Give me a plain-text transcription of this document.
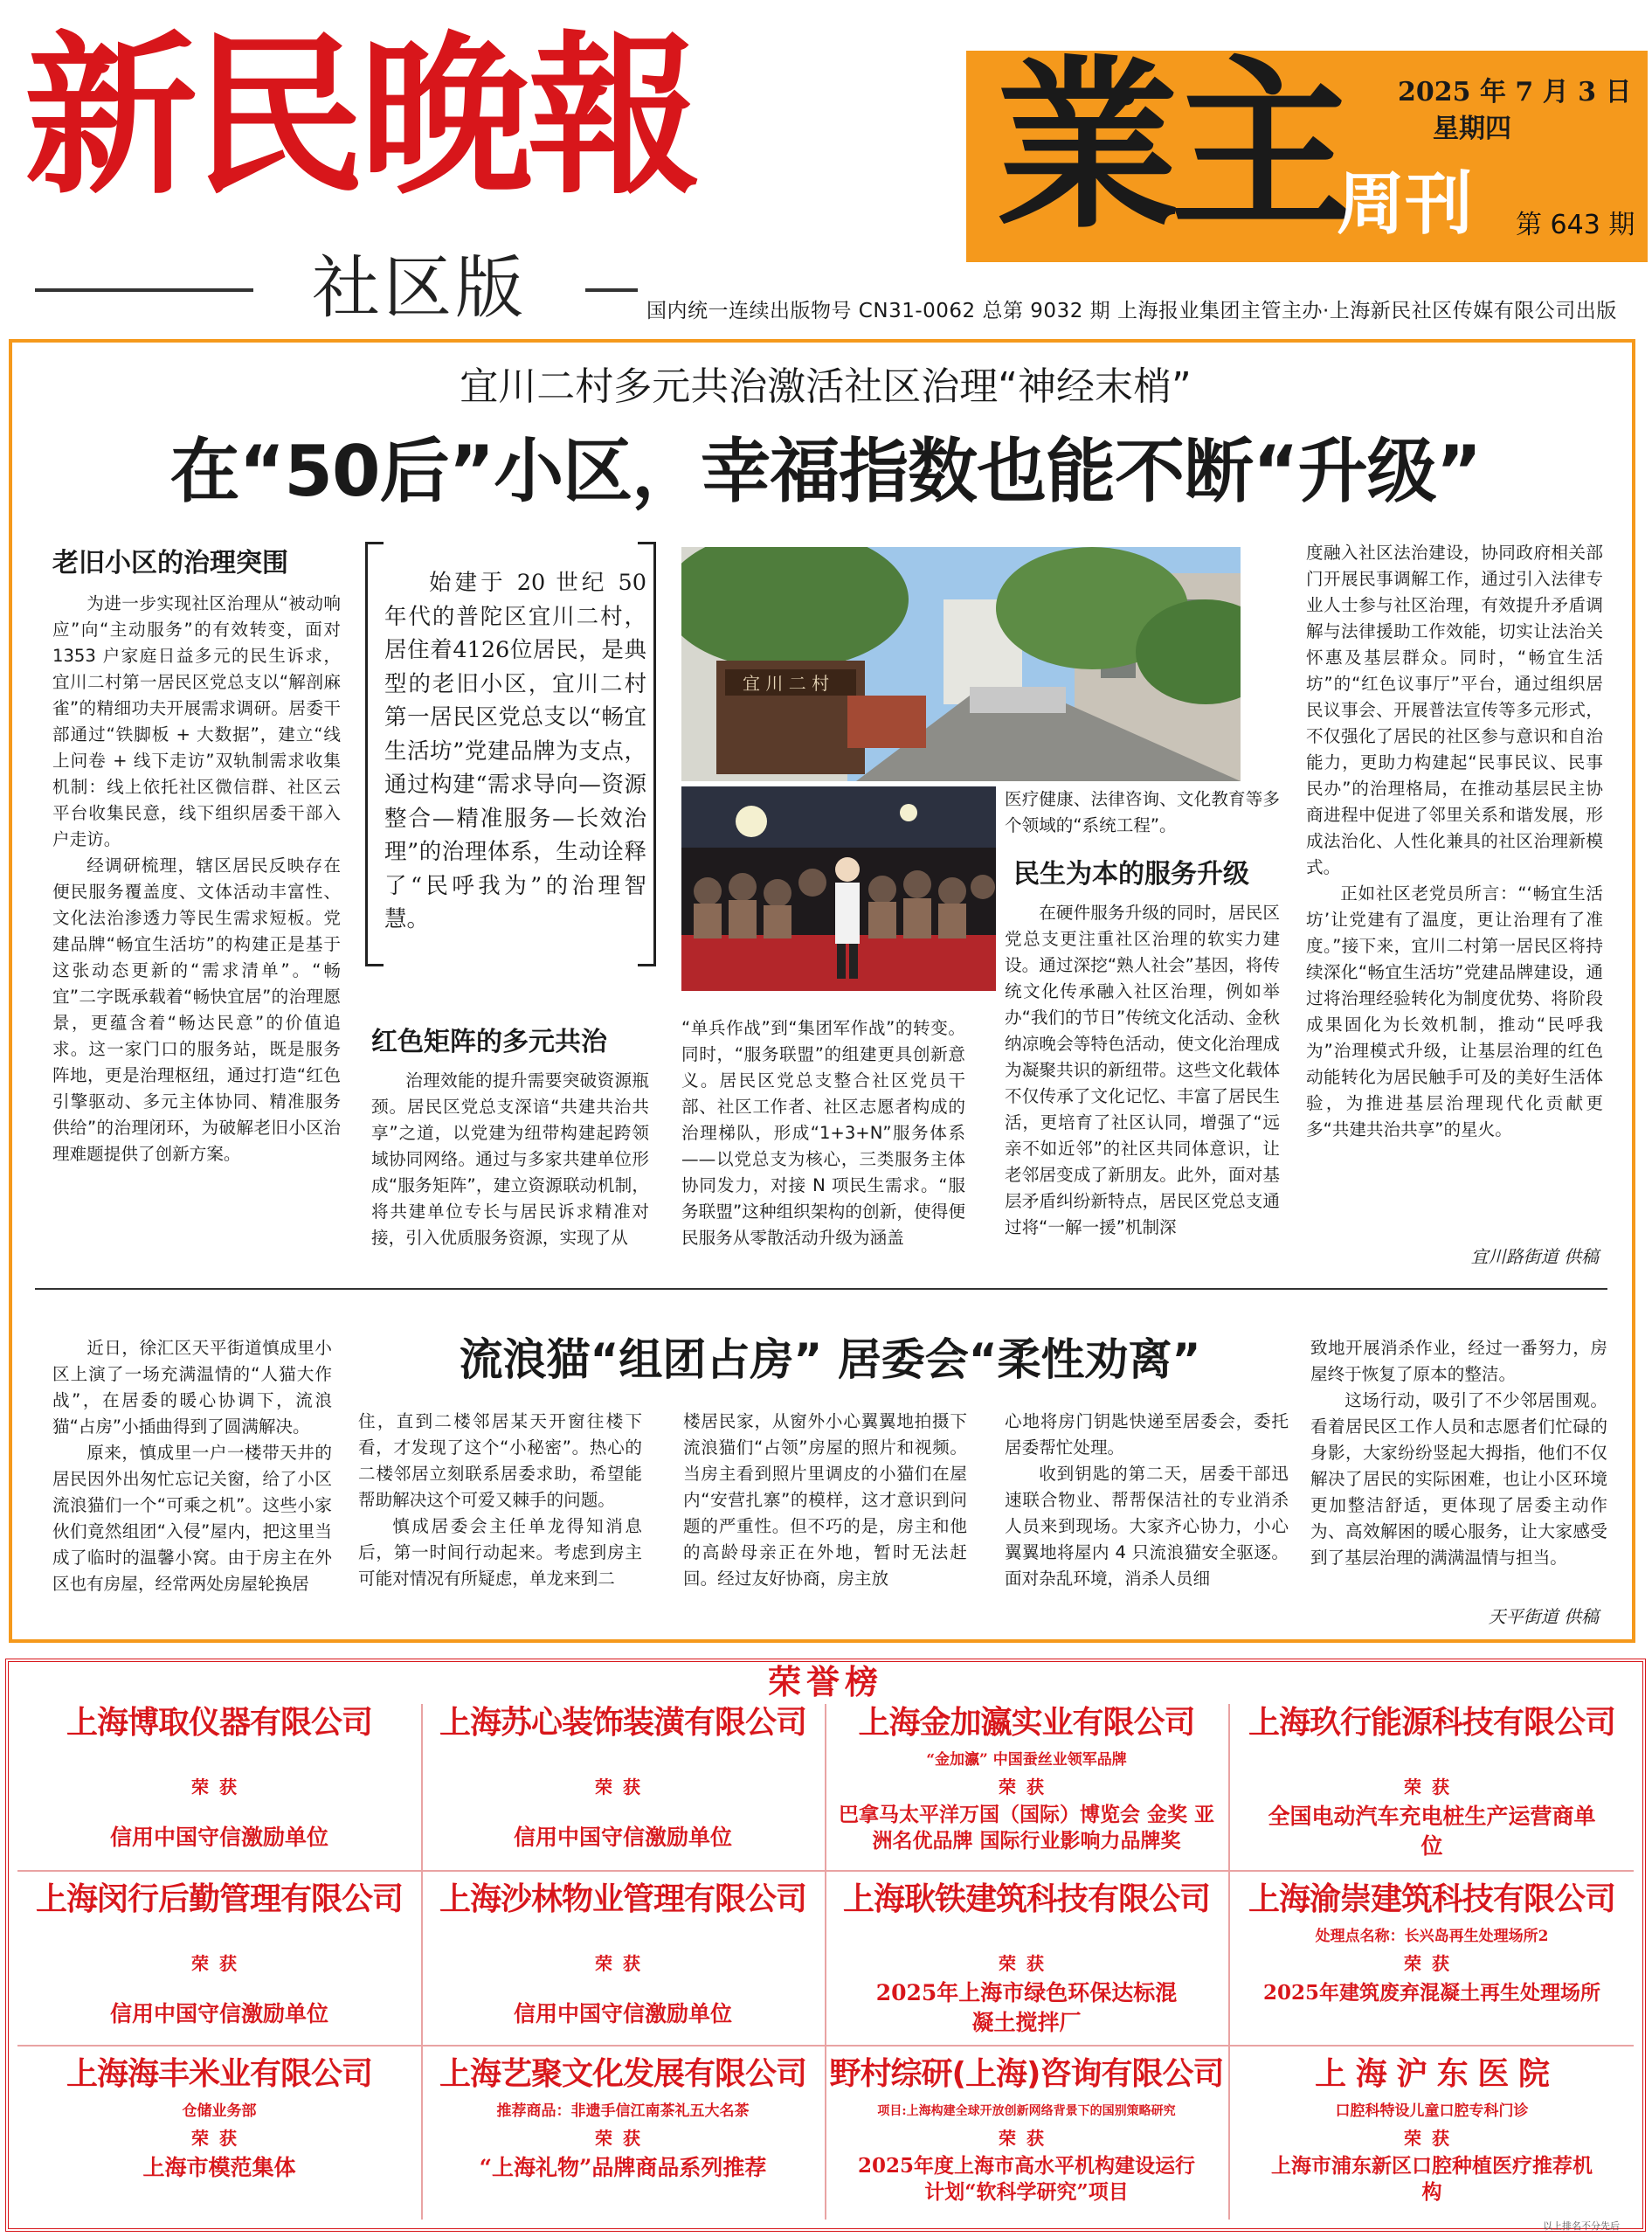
新民晚報
社区版
業主
周刊
2025 年 7 月 3 日
星期四
第 643 期
国内统一连续出版物号 CN31-0062 总第 9032 期 上海报业集团主管主办·上海新民社区传媒有限公司出版
宜川二村多元共治激活社区治理“神经末梢”
在“50后”小区，幸福指数也能不断“升级”
老旧小区的治理突围

为进一步实现社区治理从“被动响应”向“主动服务”的有效转变，面对 1353 户家庭日益多元的民生诉求，宜川二村第一居民区党总支以“解剖麻雀”的精细功夫开展需求调研。居委干部通过“铁脚板 + 大数据”，建立“线上问卷 + 线下走访”双轨制需求收集机制：线上依托社区微信群、社区云平台收集民意，线下组织居委干部入户走访。

经调研梳理，辖区居民反映存在便民服务覆盖度、文体活动丰富性、文化法治渗透力等民生需求短板。党建品牌“畅宜生活坊”的构建正是基于这张动态更新的“需求清单”。“畅宜”二字既承载着“畅快宜居”的治理愿景，更蕴含着“畅达民意”的价值追求。这一家门口的服务站，既是服务阵地，更是治理枢纽，通过打造“红色引擎驱动、多元主体协同、精准服务供给”的治理闭环，为破解老旧小区治理难题提供了创新方案。

始建于 20 世纪 50 年代的普陀区宜川二村，居住着4126位居民，是典型的老旧小区，宜川二村第一居民区党总支以“畅宜生活坊”党建品牌为支点，通过构建“需求导向—资源整合—精准服务—长效治理”的治理体系，生动诠释了“民呼我为”的治理智慧。

红色矩阵的多元共治

治理效能的提升需要突破资源瓶颈。居民区党总支深谙“共建共治共享”之道，以党建为纽带构建起跨领域协同网络。通过与多家共建单位形成“服务矩阵”，建立资源联动机制，将共建单位专长与居民诉求精准对接，引入优质服务资源，实现了从

宜 川 二 村

“单兵作战”到“集团军作战”的转变。同时，“服务联盟”的组建更具创新意义。居民区党总支整合社区党员干部、社区工作者、社区志愿者构成的治理梯队，形成“1+3+N”服务体系——以党总支为核心，三类服务主体协同发力，对接 N 项民生需求。“服务联盟”这种组织架构的创新，使得便民服务从零散活动升级为涵盖

医疗健康、法律咨询、文化教育等多个领域的“系统工程”。

民生为本的服务升级

在硬件服务升级的同时，居民区党总支更注重社区治理的软实力建设。通过深挖“熟人社会”基因，将传统文化传承融入社区治理，例如举办“我们的节日”传统文化活动、金秋纳凉晚会等特色活动，使文化治理成为凝聚共识的新纽带。这些文化载体不仅传承了文化记忆、丰富了居民生活，更培育了社区认同，增强了“远亲不如近邻”的社区共同体意识，让老邻居变成了新朋友。此外，面对基层矛盾纠纷新特点，居民区党总支通过将“一解一援”机制深

度融入社区法治建设，协同政府相关部门开展民事调解工作，通过引入法律专业人士参与社区治理，有效提升矛盾调解与法律援助工作效能，切实让法治关怀惠及基层群众。同时，“畅宜生活坊”的“红色议事厅”平台，通过组织居民议事会、开展普法宣传等多元形式，不仅强化了居民的社区参与意识和自治能力，更助力构建起“民事民议、民事民办”的治理格局，在推动基层民主协商进程中促进了邻里关系和谐发展，形成法治化、人性化兼具的社区治理新模式。

正如社区老党员所言：“‘畅宜生活坊’让党建有了温度，更让治理有了准度。”接下来，宜川二村第一居民区将持续深化“畅宜生活坊”党建品牌建设，通过将治理经验转化为制度优势、将阶段成果固化为长效机制，推动“民呼我为”治理模式升级，让基层治理的红色动能转化为居民触手可及的美好生活体验，为推进基层治理现代化贡献更多“共建共治共享”的星火。

宜川路街道 供稿

近日，徐汇区天平街道慎成里小区上演了一场充满温情的“人猫大作战”，在居委的暖心协调下，流浪猫“占房”小插曲得到了圆满解决。

原来，慎成里一户一楼带天井的居民因外出匆忙忘记关窗，给了小区流浪猫们一个“可乘之机”。这些小家伙们竟然组团“入侵”屋内，把这里当成了临时的温馨小窝。由于房主在外区也有房屋，经常两处房屋轮换居

流浪猫“组团占房” 居委会“柔性劝离”

住，直到二楼邻居某天开窗往楼下看，才发现了这个“小秘密”。热心的二楼邻居立刻联系居委求助，希望能帮助解决这个可爱又棘手的问题。

慎成居委会主任单龙得知消息后，第一时间行动起来。考虑到房主可能对情况有所疑虑，单龙来到二

楼居民家，从窗外小心翼翼地拍摄下流浪猫们“占领”房屋的照片和视频。当房主看到照片里调皮的小猫们在屋内“安营扎寨”的模样，这才意识到问题的严重性。但不巧的是，房主和他的高龄母亲正在外地，暂时无法赶回。经过友好协商，房主放

心地将房门钥匙快递至居委会，委托居委帮忙处理。

收到钥匙的第二天，居委干部迅速联合物业、帮帮保洁社的专业消杀人员来到现场。大家齐心协力，小心翼翼地将屋内 4 只流浪猫安全驱逐。面对杂乱环境，消杀人员细

致地开展消杀作业，经过一番努力，房屋终于恢复了原本的整洁。

这场行动，吸引了不少邻居围观。看着居民区工作人员和志愿者们忙碌的身影，大家纷纷竖起大拇指，他们不仅解决了居民的实际困难，也让小区环境更加整洁舒适，更体现了居委主动作为、高效解困的暖心服务，让大家感受到了基层治理的满满温情与担当。

天平街道 供稿
荣誉榜
上海博取仪器有限公司
荣获
信用中国守信激励单位
上海苏心装饰装潢有限公司
荣获
信用中国守信激励单位
上海金加瀛实业有限公司
“金加瀛” 中国蚕丝业领军品牌
荣获
巴拿马太平洋万国（国际）博览会 金奖 亚洲名优品牌 国际行业影响力品牌奖
上海玖行能源科技有限公司
荣获
全国电动汽车充电桩生产运营商单位
上海闵行后勤管理有限公司
荣获
信用中国守信激励单位
上海沙林物业管理有限公司
荣获
信用中国守信激励单位
上海耿铁建筑科技有限公司
荣获
2025年上海市绿色环保达标混凝土搅拌厂
上海渝崇建筑科技有限公司
处理点名称：长兴岛再生处理场所2
荣获
2025年建筑废弃混凝土再生处理场所
上海海丰米业有限公司
仓储业务部
荣获
上海市模范集体
上海艺聚文化发展有限公司
推荐商品：非遗手信江南茶礼五大名茶
荣获
“上海礼物”品牌商品系列推荐
野村综研(上海)咨询有限公司
项目:上海构建全球开放创新网络背景下的国别策略研究
荣获
2025年度上海市高水平机构建设运行计划“软科学研究”项目
上 海 沪 东 医 院
口腔科特设儿童口腔专科门诊
荣获
上海市浦东新区口腔种植医疗推荐机构
以上排名不分先后
